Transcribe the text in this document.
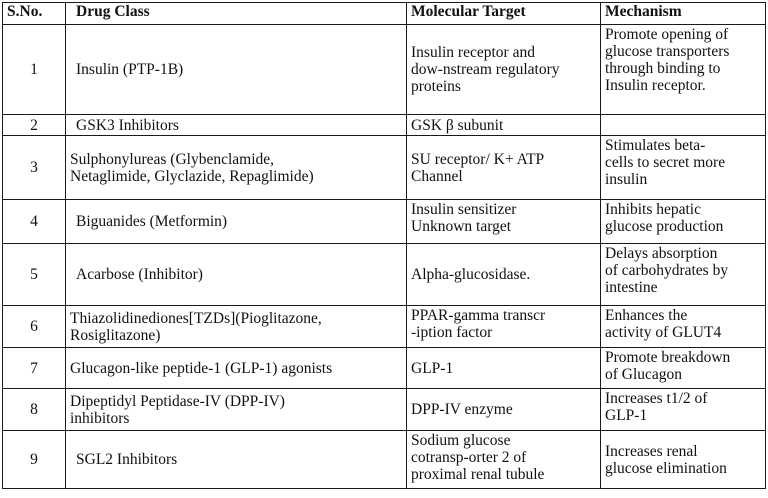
S.No.	Drug Class	Molecular Target	Mechanism
1	Insulin (PTP-1B)	Insulin receptor and
dow-nstream regulatory
proteins	Promote opening of
glucose transporters
through binding to
Insulin receptor.

2	GSK3 Inhibitors	GSK β subunit	

3	Sulphonylureas (Glybenclamide,
Netaglimide, Glyclazide, Repaglimide)	SU receptor/ K+ ATP
Channel	Stimulates beta-
cells to secret more
insulin

4	Biguanides (Metformin)	Insulin sensitizer
Unknown target	Inhibits hepatic
glucose production

5	Acarbose (Inhibitor)	Alpha-glucosidase.	Delays absorption
of carbohydrates by
intestine

6	Thiazolidinediones[TZDs](Pioglitazone,
Rosiglitazone)	PPAR-gamma transcr
-iption factor	Enhances the
activity of GLUT4

7	Glucagon-like peptide-1 (GLP-1) agonists	GLP-1	Promote breakdown
of Glucagon

8	Dipeptidyl Peptidase-IV (DPP-IV)
inhibitors	DPP-IV enzyme	Increases t1/2 of
GLP-1

9	SGL2 Inhibitors	Sodium glucose
cotransp-orter 2 of
proximal renal tubule	Increases renal
glucose elimination
